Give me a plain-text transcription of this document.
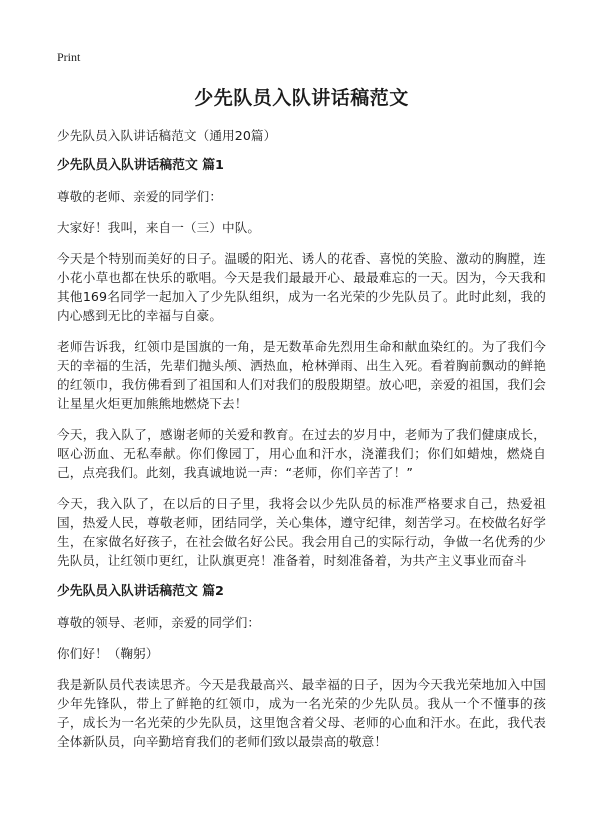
Print
少先队员入队讲话稿范文
少先队员入队讲话稿范文（通用20篇）
少先队员入队讲话稿范文 篇1
尊敬的老师、亲爱的同学们：
大家好！我叫，来自一（三）中队。
今天是个特别而美好的日子。温暖的阳光、诱人的花香、喜悦的笑脸、激动的胸膛，连小花小草也都在快乐的歌唱。今天是我们最最开心、最最难忘的一天。因为，今天我和其他169名同学一起加入了少先队组织，成为一名光荣的少先队员了。此时此刻，我的内心感到无比的幸福与自豪。
老师告诉我，红领巾是国旗的一角，是无数革命先烈用生命和献血染红的。为了我们今天的幸福的生活，先辈们抛头颅、洒热血，枪林弹雨、出生入死。看着胸前飘动的鲜艳的红领巾，我仿佛看到了祖国和人们对我们的殷殷期望。放心吧，亲爱的祖国，我们会让星星火炬更加熊熊地燃烧下去！
今天，我入队了，感谢老师的关爱和教育。在过去的岁月中，老师为了我们健康成长，呕心沥血、无私奉献。你们像园丁，用心血和汗水，浇灌我们；你们如蜡烛，燃烧自己，点亮我们。此刻，我真诚地说一声：“老师，你们辛苦了！”
今天，我入队了，在以后的日子里，我将会以少先队员的标准严格要求自己，热爱祖国，热爱人民，尊敬老师，团结同学，关心集体，遵守纪律，刻苦学习。在校做名好学生，在家做名好孩子，在社会做名好公民。我会用自己的实际行动，争做一名优秀的少先队员，让红领巾更红，让队旗更亮！准备着，时刻准备着，为共产主义事业而奋斗
少先队员入队讲话稿范文 篇2
尊敬的领导、老师，亲爱的同学们：
你们好！（鞠躬）
我是新队员代表读思齐。今天是我最高兴、最幸福的日子，因为今天我光荣地加入中国少年先锋队，带上了鲜艳的红领巾，成为一名光荣的少先队员。我从一个不懂事的孩子，成长为一名光荣的少先队员，这里饱含着父母、老师的心血和汗水。在此，我代表全体新队员，向辛勤培育我们的老师们致以最崇高的敬意！
